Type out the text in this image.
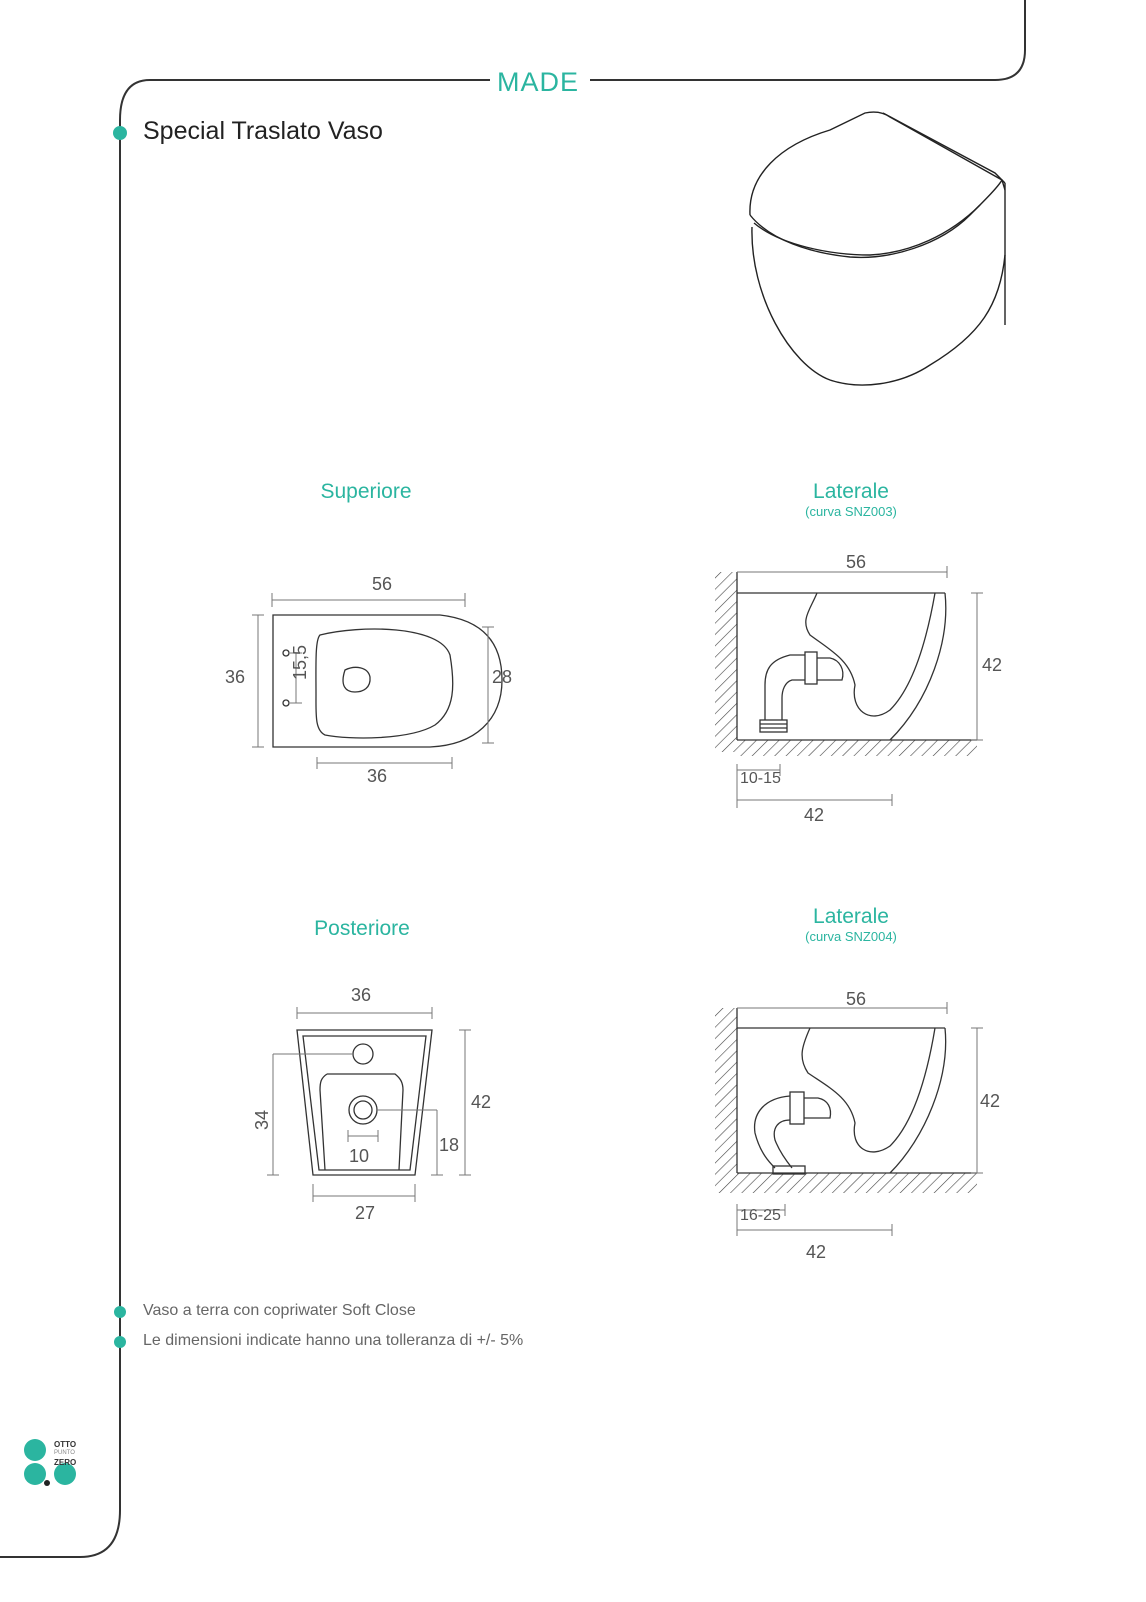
MADE
Special Traslato Vaso
Superiore	Laterale
(curva SNZ003)
Posteriore
Laterale
(curva SNZ004)
56
36	28
36
15,5
56
42
10-15
42
36
42
34
18
10
27
56
42
16-25
42
Vaso a terra con copriwater Soft Close
Le dimensioni indicate hanno una tolleranza di +/- 5%
OTTO
PUNTO
ZERO
